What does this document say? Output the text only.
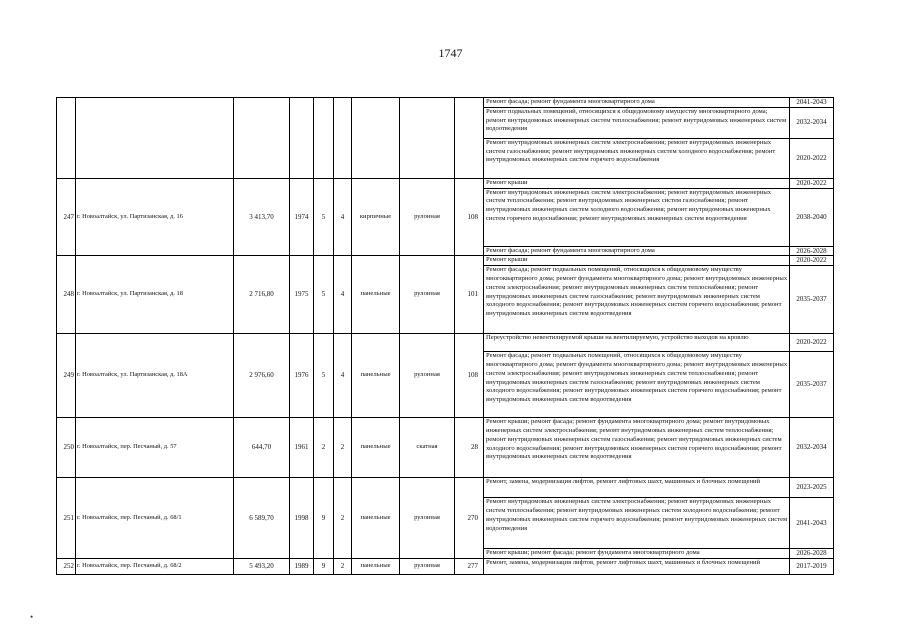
1747
									Ремонт фасада; ремонт фундамента многоквартирного дома	2041-2043
									Ремонт подвальных помещений, относящихся к общедомовому имуществу многоквартирного дома; ремонт внутридомовых инженерных систем теплоснабжения; ремонт внутридомовых инженерных систем водоотведения	2032-2034
									Ремонт внутридомовых инженерных систем электроснабжения; ремонт внутридомовых инженерных систем газоснабжения; ремонт внутридомовых инженерных систем холодного водоснабжения; ремонт внутридомовых инженерных систем горячего водоснабжения	2020-2022
247	г. Новоалтайск, ул. Партизанская, д. 16	3 413,70	1974	5	4	кирпичные	рулонная	108	Ремонт крыши	2020-2022
									Ремонт внутридомовых инженерных систем электроснабжения; ремонт внутридомовых инженерных систем теплоснабжения; ремонт внутридомовых инженерных систем газоснабжения; ремонт внутридомовых инженерных систем холодного водоснабжения; ремонт внутридомовых инженерных систем горячего водоснабжения; ремонт внутридомовых инженерных систем водоотведения	2038-2040
									Ремонт фасада; ремонт фундамента многоквартирного дома	2026-2028
248	г. Новоалтайск, ул. Партизанская, д. 18	2 716,80	1975	5	4	панельные	рулонная	101	Ремонт крыши	2020-2022
									Ремонт фасада; ремонт подвальных помещений, относящихся к общедомовому имуществу многоквартирного дома; ремонт фундамента многоквартирного дома; ремонт внутридомовых инженерных систем электроснабжения; ремонт внутридомовых инженерных систем теплоснабжения; ремонт внутридомовых инженерных систем газоснабжения; ремонт внутридомовых инженерных систем холодного водоснабжения; ремонт внутридомовых инженерных систем горячего водоснабжения; ремонт внутридомовых инженерных систем водоотведения	2035-2037
249	г. Новоалтайск, ул. Партизанская, д. 18А	2 976,60	1976	5	4	панельные	рулонная	108	Переустройство невентилируемой крыши на вентилируемую, устройство выходов на кровлю	2020-2022
									Ремонт фасада; ремонт подвальных помещений, относящихся к общедомовому имуществу многоквартирного дома; ремонт фундамента многоквартирного дома; ремонт внутридомовых инженерных систем электроснабжения; ремонт внутридомовых инженерных систем теплоснабжения; ремонт внутридомовых инженерных систем газоснабжения; ремонт внутридомовых инженерных систем холодного водоснабжения; ремонт внутридомовых инженерных систем горячего водоснабжения; ремонт внутридомовых инженерных систем водоотведения	2035-2037
250	г. Новоалтайск, пер. Песчаный, д. 57	644,70	1961	2	2	панельные	скатная	28	Ремонт крыши; ремонт фасада; ремонт фундамента многоквартирного дома; ремонт внутридомовых инженерных систем электроснабжения; ремонт внутридомовых инженерных систем теплоснабжения; ремонт внутридомовых инженерных систем газоснабжения; ремонт внутридомовых инженерных систем холодного водоснабжения; ремонт внутридомовых инженерных систем горячего водоснабжения; ремонт внутридомовых инженерных систем водоотведения	2032-2034
251	г. Новоалтайск, пер. Песчаный, д. 68/1	6 589,70	1998	9	2	панельные	рулонная	270	Ремонт, замена, модернизация лифтов, ремонт лифтовых шахт, машинных и блочных помещений	2023-2025
									Ремонт внутридомовых инженерных систем электроснабжения; ремонт внутридомовых инженерных систем теплоснабжения; ремонт внутридомовых инженерных систем холодного водоснабжения; ремонт внутридомовых инженерных систем горячего водоснабжения; ремонт внутридомовых инженерных систем водоотведения	2041-2043
									Ремонт крыши; ремонт фасада; ремонт фундамента многоквартирного дома	2026-2028
252	г. Новоалтайск, пер. Песчаный, д. 68/2	5 493,20	1989	9	2	панельные	рулонная	277	Ремонт, замена, модернизация лифтов, ремонт лифтовых шахт, машинных и блочных помещений	2017-2019
•
